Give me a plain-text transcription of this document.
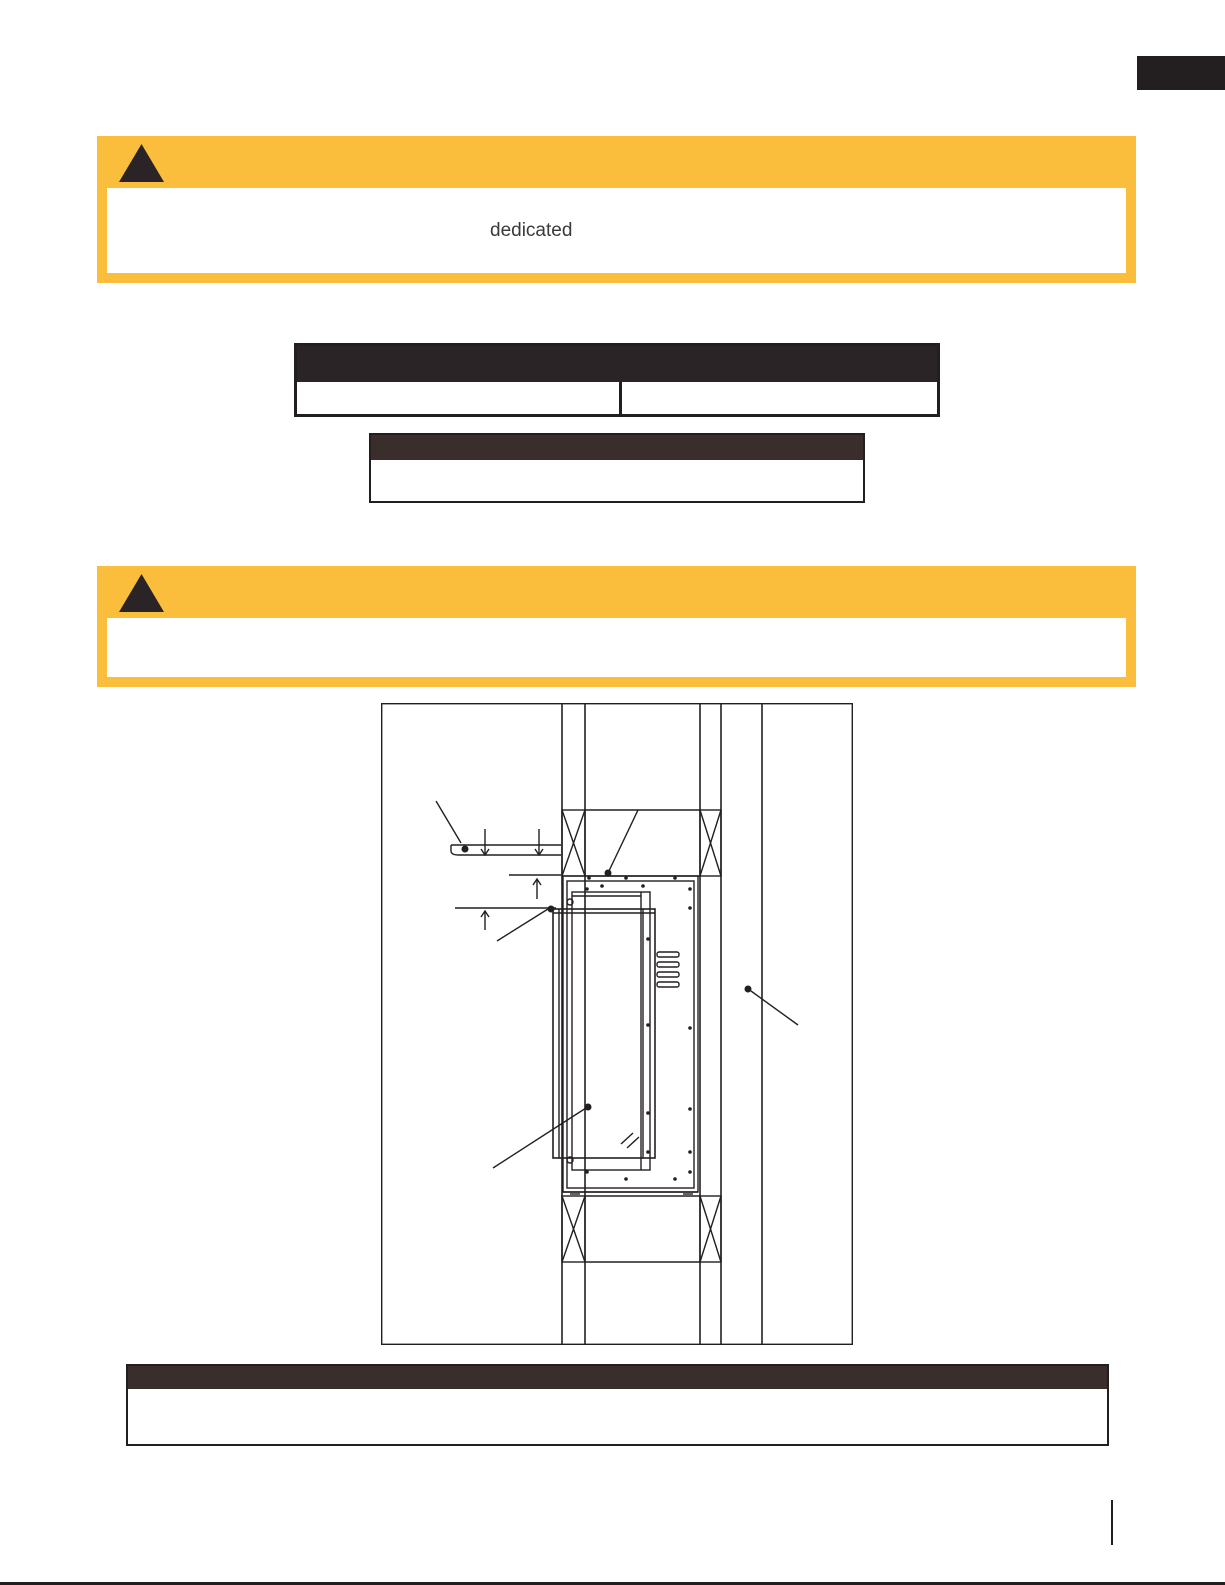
dedicated
